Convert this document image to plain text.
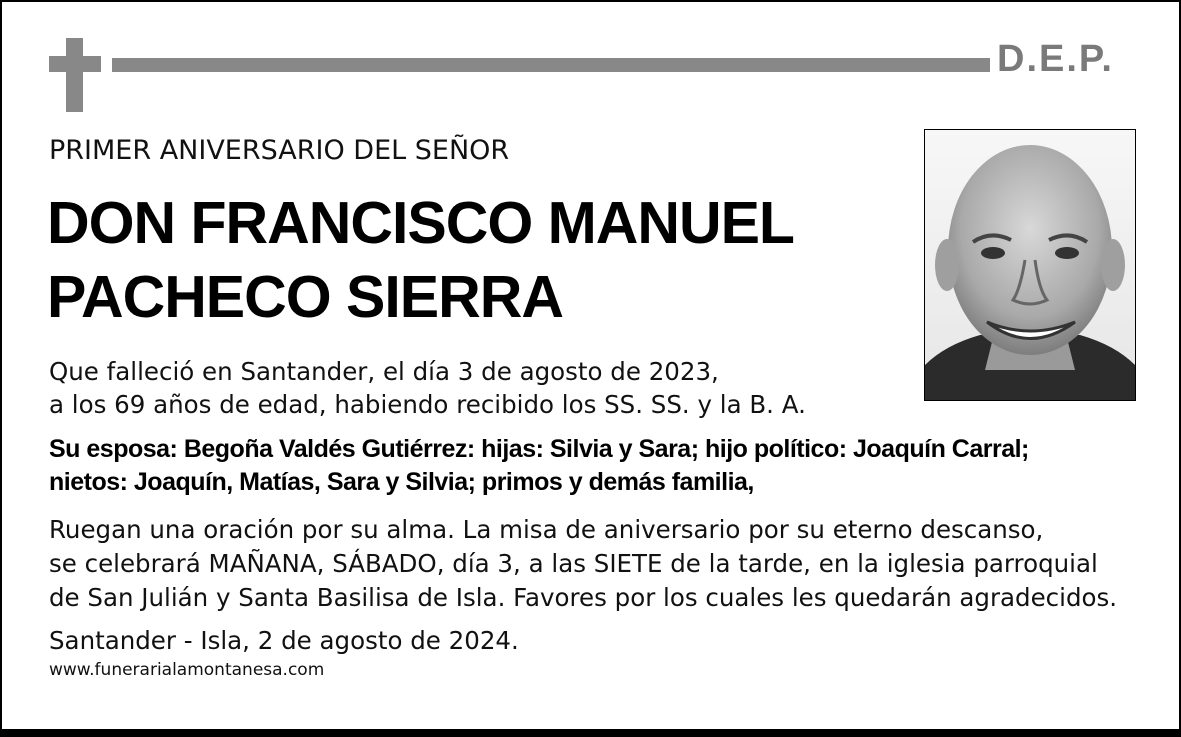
D.E.P.
PRIMER ANIVERSARIO DEL SEÑOR
DON FRANCISCO MANUEL
PACHECO SIERRA
Que falleció en Santander, el día 3 de agosto de 2023,
a los 69 años de edad, habiendo recibido los SS. SS. y la B. A.
Su esposa: Begoña Valdés Gutiérrez: hijas: Silvia y Sara; hijo político: Joaquín Carral;
nietos: Joaquín, Matías, Sara y Silvia; primos y demás familia,
Ruegan una oración por su alma. La misa de aniversario por su eterno descanso,
se celebrará MAÑANA, SÁBADO, día 3, a las SIETE de la tarde, en la iglesia parroquial
de San Julián y Santa Basilisa de Isla. Favores por los cuales les quedarán agradecidos.
Santander - Isla, 2 de agosto de 2024.
www.funerarialamontanesa.com
